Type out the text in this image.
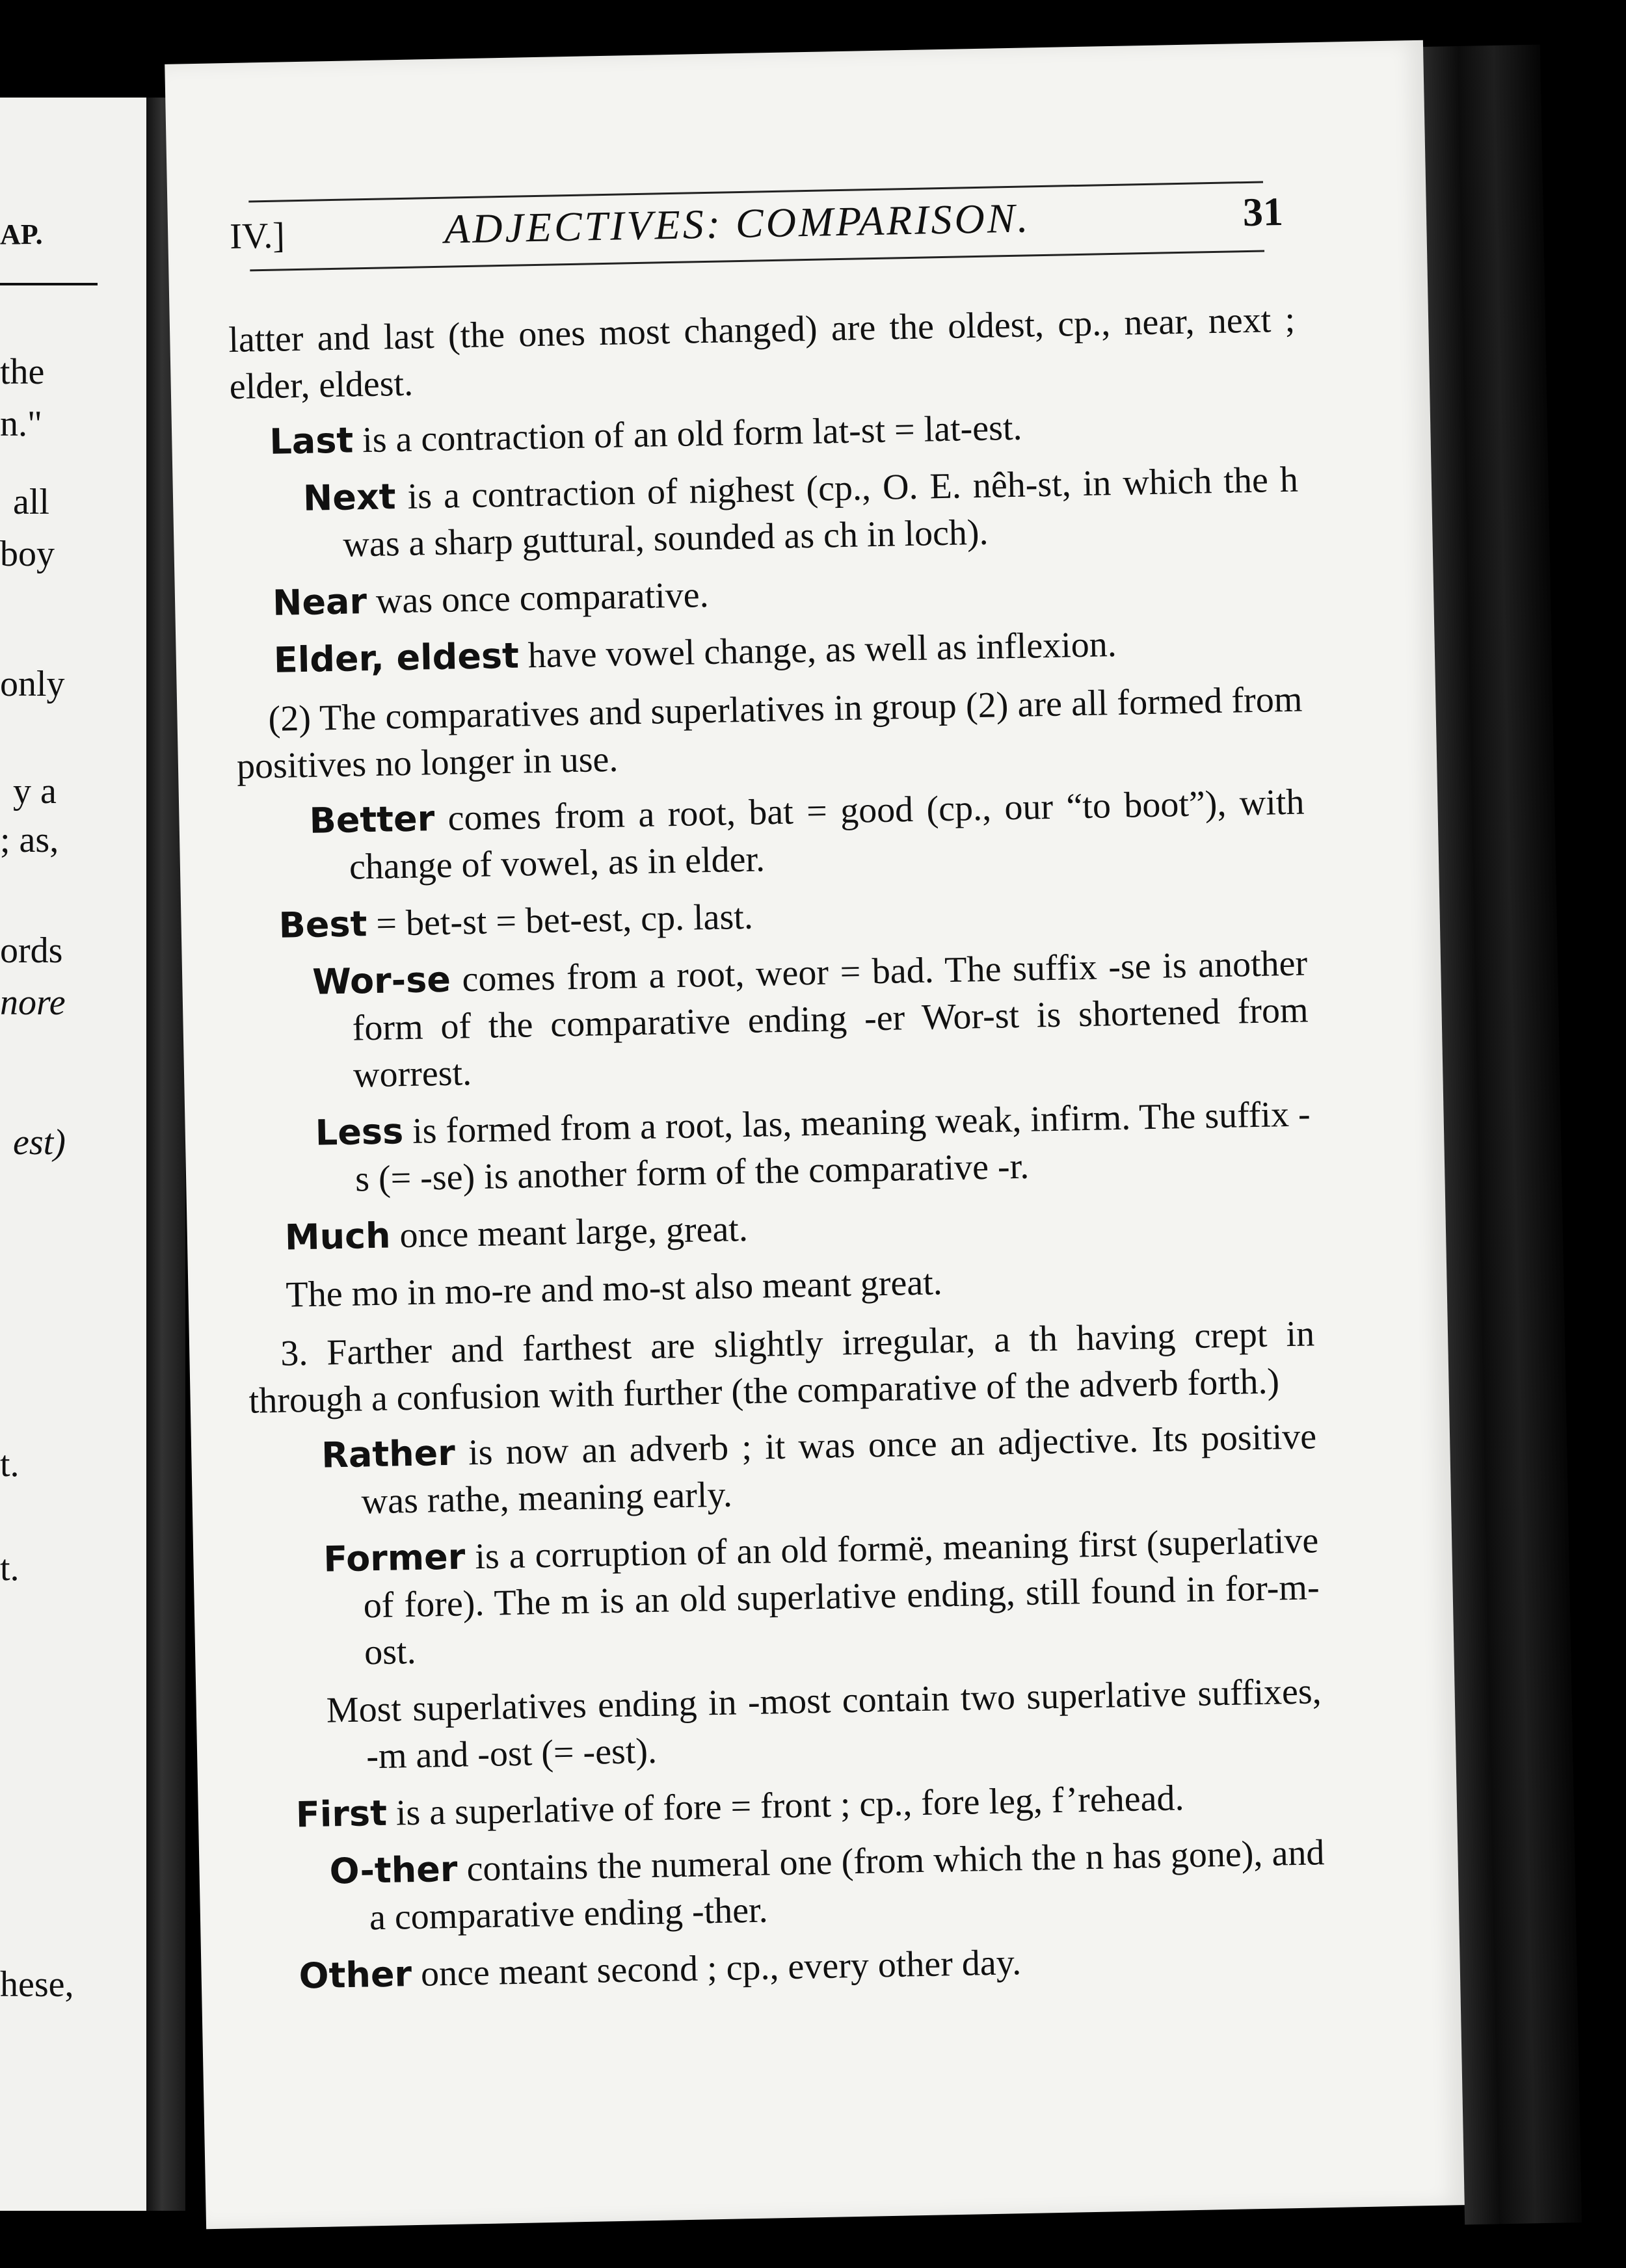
AP.
the
n."
all
boy
only
y a
; as,
ords
nore
est)
t.
t.
hese,
IV.]	ADJECTIVES: COMPARISON.	31

latter and last (the ones most changed) are the oldest, cp., near, next ; elder, eldest.

Last is a contraction of an old form lat-st = lat-est.

Next is a contraction of nighest (cp., O. E. nêh-st, in which the h was a sharp guttural, sounded as ch in loch).

Near was once comparative.

Elder, eldest have vowel change, as well as inflexion.

(2) The comparatives and superlatives in group (2) are all formed from positives no longer in use.

Better comes from a root, bat = good (cp., our “to boot”), with change of vowel, as in elder.

Best = bet-st = bet-est, cp. last.

Wor-se comes from a root, weor = bad. The suffix -se is another form of the comparative ending -er Wor-st is shortened from worrest.

Less is formed from a root, las, meaning weak, infirm. The suffix -s (= -se) is another form of the comparative -r.

Much once meant large, great.

The mo in mo-re and mo-st also meant great.

3. Farther and farthest are slightly irregular, a th having crept in through a confusion with further (the comparative of the adverb forth.)

Rather is now an adverb ; it was once an adjective. Its positive was rathe, meaning early.

Former is a corruption of an old formë, meaning first (superlative of fore). The m is an old superlative ending, still found in for-m-ost.

Most superlatives ending in -most contain two superlative suffixes, -m and -ost (= -est).

First is a superlative of fore = front ; cp., fore leg, f’rehead.

O-ther contains the numeral one (from which the n has gone), and a comparative ending -ther.

Other once meant second ; cp., every other day.
